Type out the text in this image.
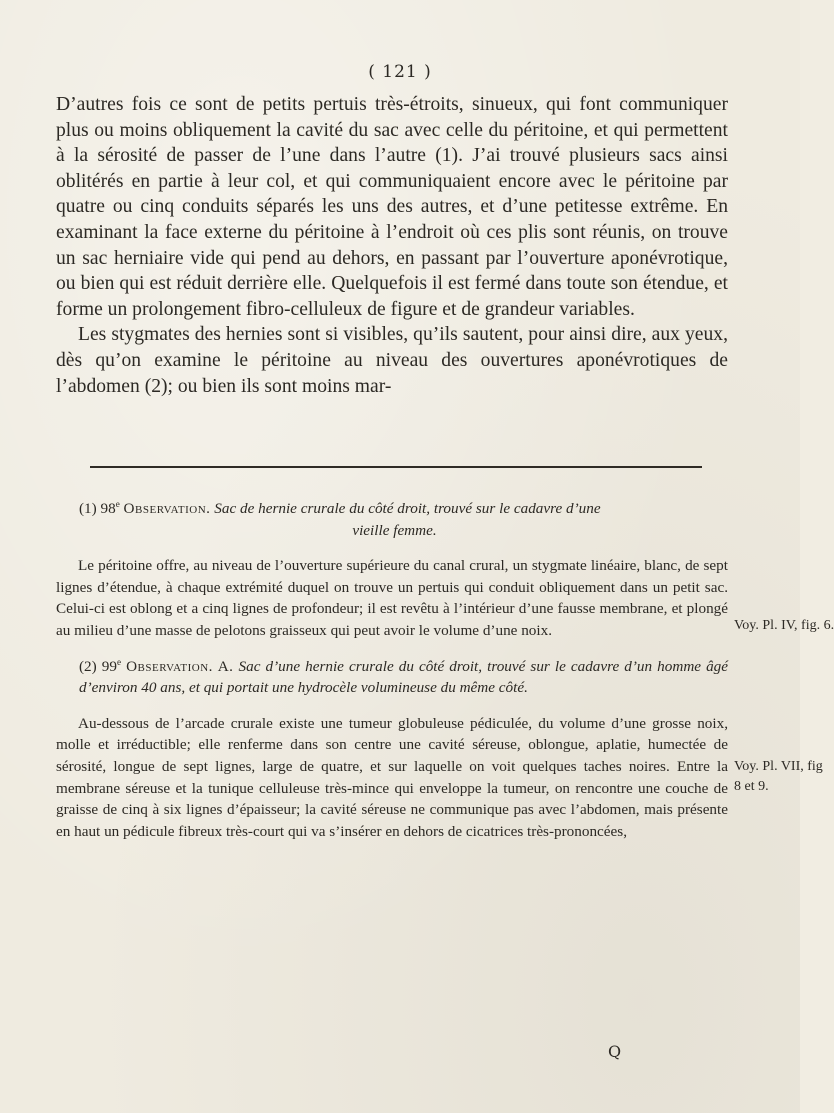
( 121 )

D’autres fois ce sont de petits pertuis très-étroits, sinueux, qui font communiquer plus ou moins obliquement la cavité du sac avec celle du péritoine, et qui permettent à la sérosité de passer de l’une dans l’autre (1). J’ai trouvé plusieurs sacs ainsi oblitérés en partie à leur col, et qui communiquaient encore avec le péritoine par quatre ou cinq conduits séparés les uns des autres, et d’une petitesse extrême. En examinant la face externe du péritoine à l’endroit où ces plis sont réunis, on trouve un sac herniaire vide qui pend au dehors, en passant par l’ouverture aponévrotique, ou bien qui est réduit derrière elle. Quelquefois il est fermé dans toute son étendue, et forme un prolongement fibro-celluleux de figure et de grandeur variables.

Les stygmates des hernies sont si visibles, qu’ils sautent, pour ainsi dire, aux yeux, dès qu’on examine le péritoine au niveau des ouvertures aponévrotiques de l’abdomen (2); ou bien ils sont moins mar-

(1) 98e Observation. Sac de hernie crurale du côté droit, trouvé sur le cadavre d’une
vieille femme.

Le péritoine offre, au niveau de l’ouverture supérieure du canal crural, un stygmate linéaire, blanc, de sept lignes d’étendue, à chaque extrémité duquel on trouve un pertuis qui conduit obliquement dans un petit sac. Celui-ci est oblong et a cinq lignes de profondeur; il est revêtu à l’intérieur d’une fausse membrane, et plongé au milieu d’une masse de pelotons graisseux qui peut avoir le volume d’une noix.

(2) 99e Observation. A. Sac d’une hernie crurale du côté droit, trouvé sur le cadavre d’un homme âgé d’environ 40 ans, et qui portait une hydrocèle volumineuse du même côté.

Au-dessous de l’arcade crurale existe une tumeur globuleuse pédiculée, du volume d’une grosse noix, molle et irréductible; elle renferme dans son centre une cavité séreuse, oblongue, aplatie, humectée de sérosité, longue de sept lignes, large de quatre, et sur laquelle on voit quelques taches noires. Entre la membrane séreuse et la tunique celluleuse très-mince qui enveloppe la tumeur, on rencontre une couche de graisse de cinq à six lignes d’épaisseur; la cavité séreuse ne communique pas avec l’abdomen, mais présente en haut un pédicule fibreux très-court qui va s’insérer en dehors de cicatrices très-prononcées,

Voy. Pl. IV, fig. 6.
Voy. Pl. VII, fig
8 et 9.
Q
